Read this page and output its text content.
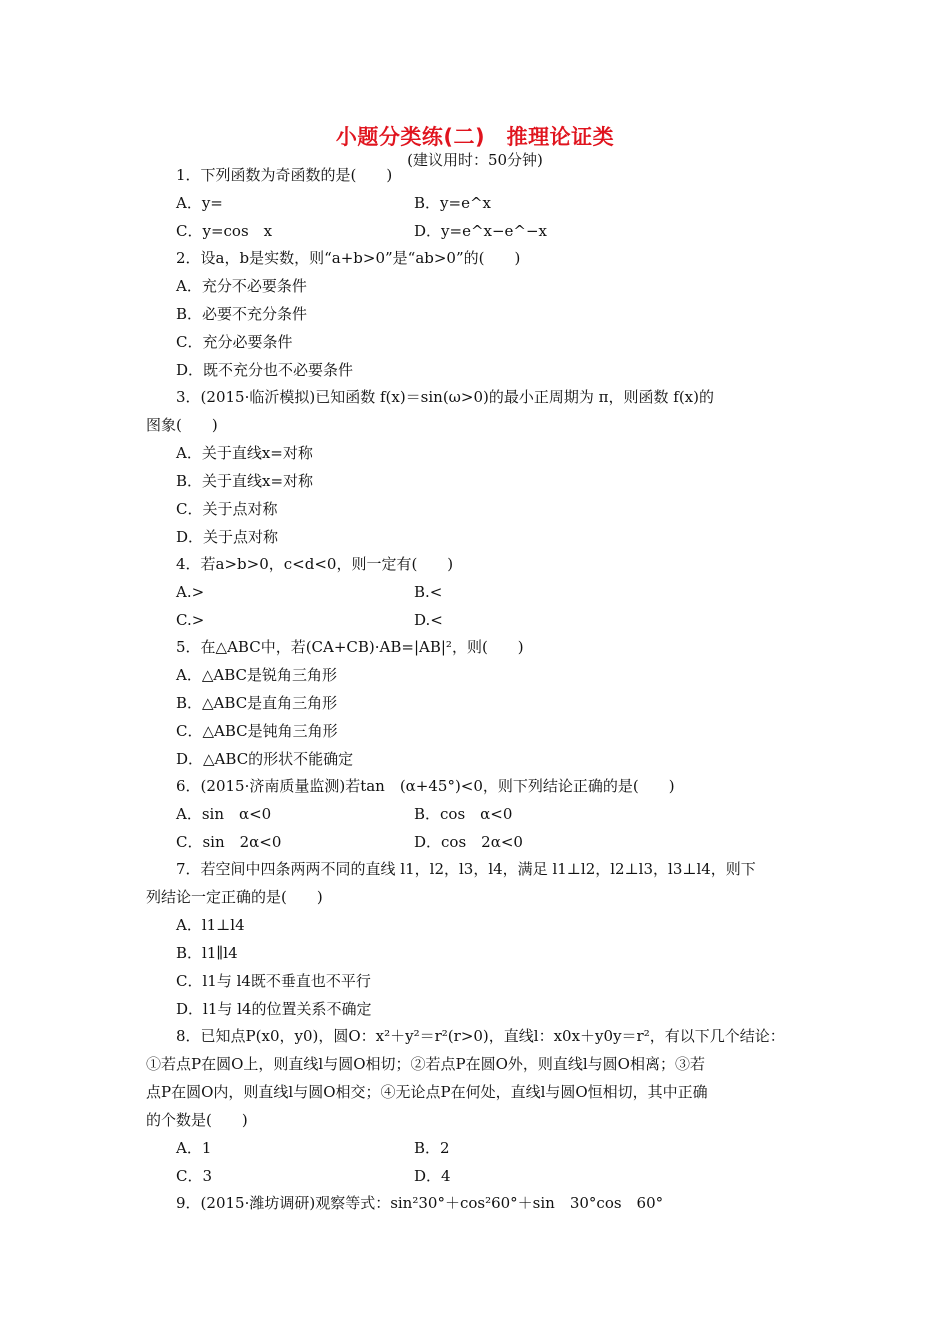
小题分类练(二)　推理论证类
(建议用时：50分钟)
1．下列函数为奇函数的是(　　)
A．y=	B．y=e^x
C．y=cos　x	D．y=e^x−e^−x
2．设a，b是实数，则“a+b>0”是“ab>0”的(　　)
A．充分不必要条件
B．必要不充分条件
C．充分必要条件
D．既不充分也不必要条件
3．(2015·临沂模拟)已知函数 f(x)＝sin(ω>0)的最小正周期为 π，则函数 f(x)的
图象(　　)
A．关于直线x=对称
B．关于直线x=对称
C．关于点对称
D．关于点对称
4．若a>b>0，c<d<0，则一定有(　　)
A.>	B.<
C.>	D.<
5．在△ABC中，若(CA+CB)·AB=|AB|²，则(　　)
A．△ABC是锐角三角形
B．△ABC是直角三角形
C．△ABC是钝角三角形
D．△ABC的形状不能确定
6．(2015·济南质量监测)若tan　(α+45°)<0，则下列结论正确的是(　　)
A．sin　α<0	B．cos　α<0
C．sin　2α<0	D．cos　2α<0
7．若空间中四条两两不同的直线 l1，l2，l3，l4，满足 l1⊥l2，l2⊥l3，l3⊥l4，则下
列结论一定正确的是(　　)
A．l1⊥l4
B．l1∥l4
C．l1与 l4既不垂直也不平行
D．l1与 l4的位置关系不确定
8．已知点P(x0，y0)，圆O：x²＋y²＝r²(r>0)，直线l：x0x＋y0y＝r²，有以下几个结论：
①若点P在圆O上，则直线l与圆O相切；②若点P在圆O外，则直线l与圆O相离；③若
点P在圆O内，则直线l与圆O相交；④无论点P在何处，直线l与圆O恒相切，其中正确
的个数是(　　)
A．1	B．2
C．3	D．4
9．(2015·潍坊调研)观察等式：sin²30°＋cos²60°＋sin　30°cos　60°
